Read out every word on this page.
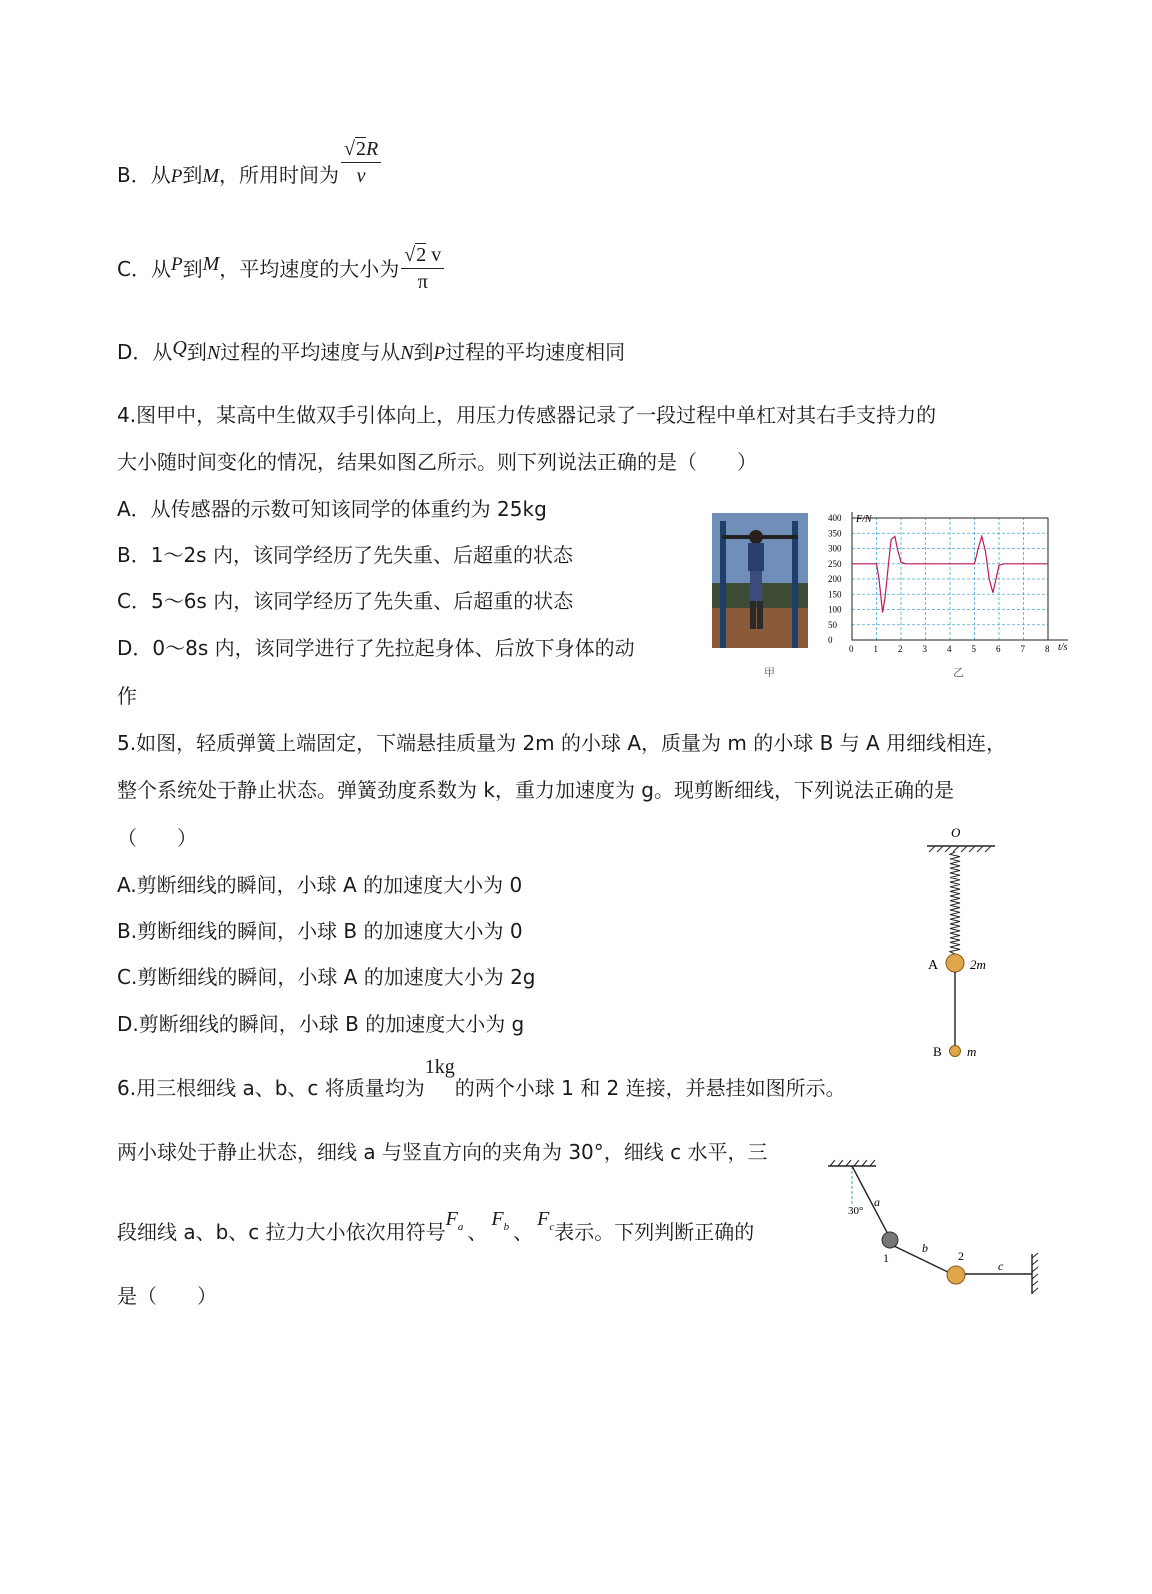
B．从P到M，所用时间为 $\frac{√2R}{v}$
C．从P到M，平均速度的大小为 $\frac{√2 v}{\pi}$
D．从Q到N过程的平均速度与从N到P过程的平均速度相同
4.图甲中，某高中生做双手引体向上，用压力传感器记录了一段过程中单杠对其右手支持力的
大小随时间变化的情况，结果如图乙所示。则下列说法正确的是（　　）
A．从传感器的示数可知该同学的体重约为 25kg
B．1～2s 内，该同学经历了先失重、后超重的状态
C．5～6s 内，该同学经历了先失重、后超重的状态
D．0～8s 内，该同学进行了先拉起身体、后放下身体的动
作
甲
0 1 2 3 4 5 6 7 8
0
50
100
150
200
250
300
350
400 F/N
t/s
乙
5.如图，轻质弹簧上端固定，下端悬挂质量为 2m 的小球 A，质量为 m 的小球 B 与 A 用细线相连，
整个系统处于静止状态。弹簧劲度系数为 k，重力加速度为 g。现剪断细线，下列说法正确的是
（　　）
A.剪断细线的瞬间，小球 A 的加速度大小为 0
B.剪断细线的瞬间，小球 B 的加速度大小为 0
C.剪断细线的瞬间，小球 A 的加速度大小为 2g
D.剪断细线的瞬间，小球 B 的加速度大小为 g
O
A 2m
B m
6.用三根细线 a、b、c 将质量均为1kg的两个小球 1 和 2 连接，并悬挂如图所示。
两小球处于静止状态，细线 a 与竖直方向的夹角为 30°，细线 c 水平，三
段细线 a、b、c 拉力大小依次用符号$F_a$ 、$F_b$ 、$F_c$表示。下列判断正确的
是（　　）
30°
a
1
b
2
c
